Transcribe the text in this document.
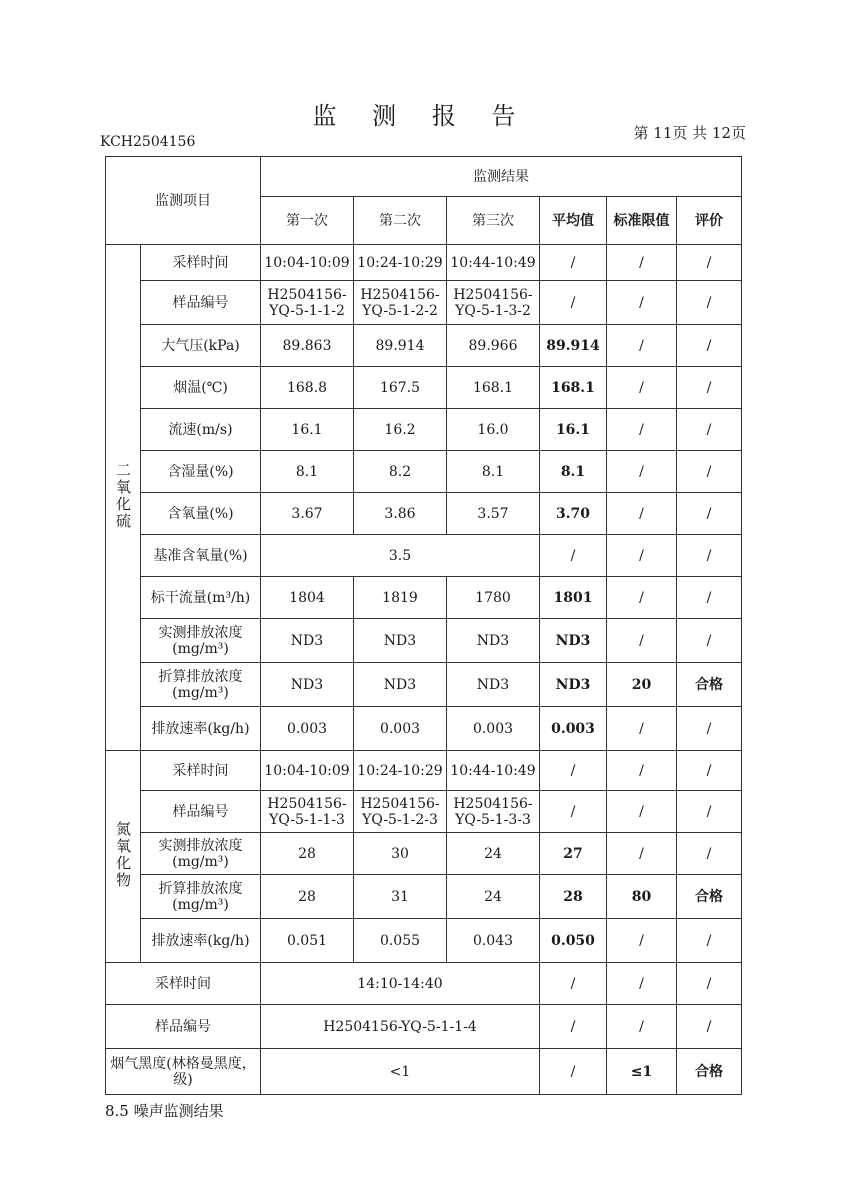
监 测 报 告
KCH2504156	第 11页 共 12页
监测项目		监测结果					
		第一次	第二次	第三次	平均值	标准限值	评价
二氧化硫	采样时间	10:04-10:09	10:24-10:29	10:44-10:49	/	/	/
	样品编号	H2504156-YQ-5-1-1-2	H2504156-YQ-5-1-2-2	H2504156-YQ-5-1-3-2	/	/	/
	大气压(kPa)	89.863	89.914	89.966	89.914	/	/
	烟温(℃)	168.8	167.5	168.1	168.1	/	/
	流速(m/s)	16.1	16.2	16.0	16.1	/	/
	含湿量(%)	8.1	8.2	8.1	8.1	/	/
	含氧量(%)	3.67	3.86	3.57	3.70	/	/
	基准含氧量(%)	3.5			/	/	/
	标干流量(m³/h)	1804	1819	1780	1801	/	/
	实测排放浓度(mg/m³)	ND3	ND3	ND3	ND3	/	/
	折算排放浓度(mg/m³)	ND3	ND3	ND3	ND3	20	合格
	排放速率(kg/h)	0.003	0.003	0.003	0.003	/	/
氮氧化物	采样时间	10:04-10:09	10:24-10:29	10:44-10:49	/	/	/
	样品编号	H2504156-YQ-5-1-1-3	H2504156-YQ-5-1-2-3	H2504156-YQ-5-1-3-3	/	/	/
	实测排放浓度(mg/m³)	28	30	24	27	/	/
	折算排放浓度(mg/m³)	28	31	24	28	80	合格
	排放速率(kg/h)	0.051	0.055	0.043	0.050	/	/
采样时间		14:10-14:40			/	/	/
样品编号		H2504156-YQ-5-1-1-4			/	/	/
烟气黑度(林格曼黑度，级)		<1			/	≤1	合格
8.5 噪声监测结果
